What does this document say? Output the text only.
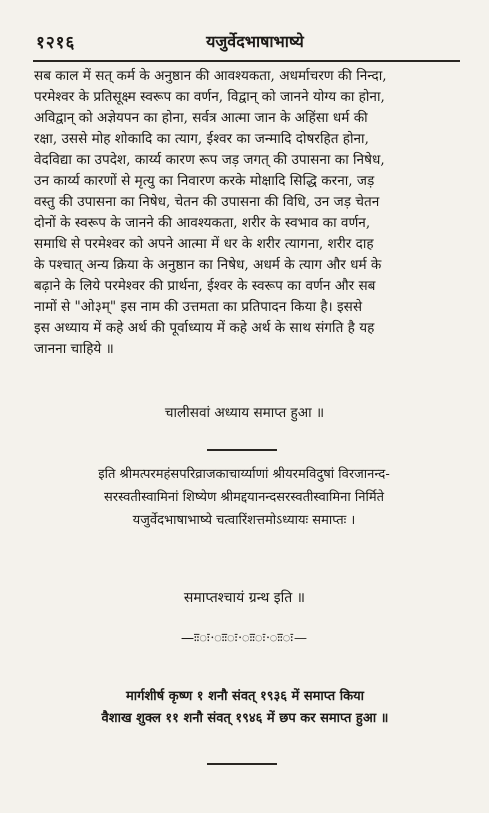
१२१६	यजुर्वेदभाषाभाष्ये
सब काल में सत् कर्म के अनुष्ठान की आवश्यकता, अधर्माचरण की निन्दा,
परमेश्वर के प्रतिसूक्ष्म स्वरूप का वर्णन, विद्वान् को जानने योग्य का होना,
अविद्वान् को अज्ञेयपन का होना, सर्वत्र आत्मा जान के अहिंसा धर्म की
रक्षा, उससे मोह शोकादि का त्याग, ईश्वर का जन्मादि दोषरहित होना,
वेदविद्या का उपदेश, कार्य्य कारण रूप जड़ जगत् की उपासना का निषेध,
उन कार्य्य कारणों से मृत्यु का निवारण करके मोक्षादि सिद्धि करना, जड़
वस्तु की उपासना का निषेध, चेतन की उपासना की विधि, उन जड़ चेतन
दोनों के स्वरूप के जानने की आवश्यकता, शरीर के स्वभाव का वर्णन,
समाधि से परमेश्वर को अपने आत्मा में धर के शरीर त्यागना, शरीर दाह
के पश्चात् अन्य क्रिया के अनुष्ठान का निषेध, अधर्म के त्याग और धर्म के
बढ़ाने के लिये परमेश्वर की प्रार्थना, ईश्वर के स्वरूप का वर्णन और सब
नामों से "ओ३म्" इस नाम की उत्तमता का प्रतिपादन किया है। इससे
इस अध्याय में कहे अर्थ की पूर्वाध्याय में कहे अर्थ के साथ संगति है यह
जानना चाहिये ॥
चालीसवां अध्याय समाप्त हुआ ॥
इति श्रीमत्परमहंसपरिव्राजकाचार्य्याणां श्रीयरमविदुषां विरजानन्द-
सरस्वतीस्वामिनां शिष्येण श्रीमद्दयानन्दसरस्वतीस्वामिना निर्मिते
यजुर्वेदभाषाभाष्ये चत्वारिंशत्तमोऽध्यायः समाप्तः ।
समाप्तश्चायं ग्रन्थ इति ॥
—ःःः·ःःः·ःःः·ःःः—
मार्गशीर्ष कृष्ण १ शनौ संवत् १९३६ में समाप्त किया
वैशाख शुक्ल ११ शनौ संवत् १९४६ में छप कर समाप्त हुआ ॥
